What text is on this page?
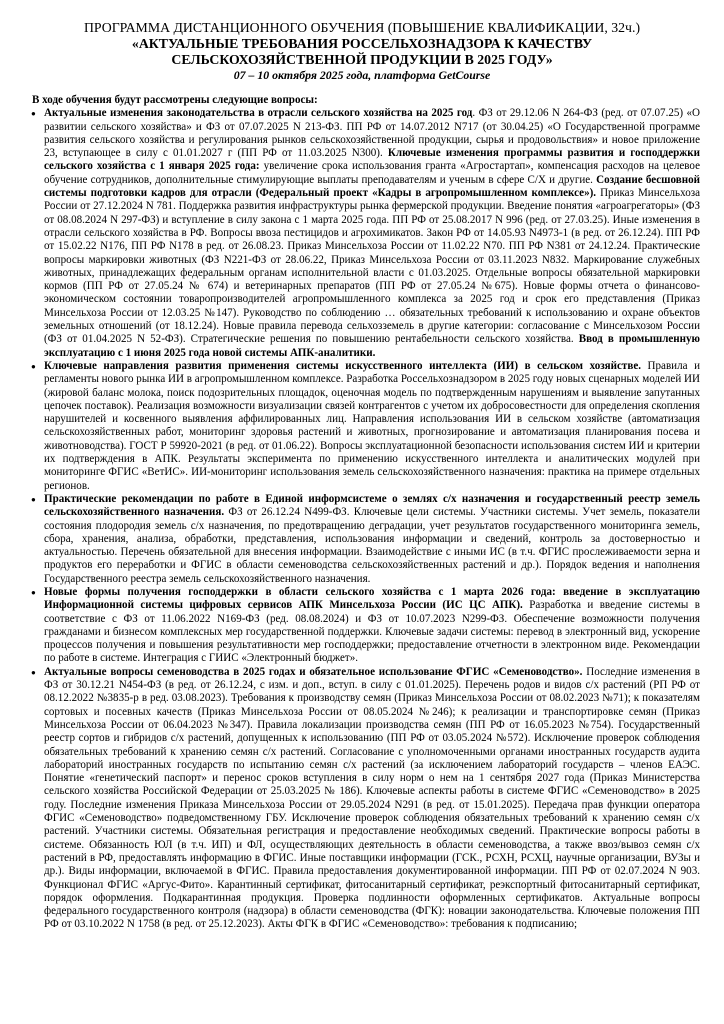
ПРОГРАММА ДИСТАНЦИОННОГО ОБУЧЕНИЯ (ПОВЫШЕНИЕ КВАЛИФИКАЦИИ, 32ч.)
«АКТУАЛЬНЫЕ ТРЕБОВАНИЯ РОССЕЛЬХОЗНАДЗОРА К КАЧЕСТВУ
СЕЛЬСКОХОЗЯЙСТВЕННОЙ ПРОДУКЦИИ В 2025 ГОДУ»
07 – 10 октября 2025 года, платформа GetCourse
В ходе обучения будут рассмотрены следующие вопросы:
● Актуальные изменения законодательства в отрасли сельского хозяйства на 2025 год. ФЗ от 29.12.06 N 264-ФЗ (ред. от 07.07.25) «О развитии сельского хозяйства» и ФЗ от 07.07.2025 N 213-ФЗ. ПП РФ от 14.07.2012 N717 (от 30.04.25) «О Государственной программе развития сельского хозяйства и регулирования рынков сельскохозяйственной продукции, сырья и продовольствия» и новое приложение 23, вступающее в силу с 01.01.2027 г (ПП РФ от 11.03.2025 N300). Ключевые изменения программы развития и господдержки сельского хозяйства с 1 января 2025 года: увеличение срока использования гранта «Агростартап», компенсация расходов на целевое обучение сотрудников, дополнительные стимулирующие выплаты преподавателям и ученым в сфере С/Х и другие. Создание бесшовной системы подготовки кадров для отрасли (Федеральный проект «Кадры в агропромышленном комплексе»). Приказ Минсельхоза России от 27.12.2024 N 781. Поддержка развития инфраструктуры рынка фермерской продукции. Введение понятия «агроагрегаторы» (ФЗ от 08.08.2024 N 297-ФЗ) и вступление в силу закона с 1 марта 2025 года. ПП РФ от 25.08.2017 N 996 (ред. от 27.03.25). Иные изменения в отрасли сельского хозяйства в РФ. Вопросы ввоза пестицидов и агрохимикатов. Закон РФ от 14.05.93 N4973-1 (в ред. от 26.12.24). ПП РФ от 15.02.22 N176, ПП РФ N178 в ред. от 26.08.23. Приказ Минсельхоза России от 11.02.22 N70. ПП РФ N381 от 24.12.24. Практические вопросы маркировки животных (ФЗ N221-ФЗ от 28.06.22, Приказ Минсельхоза России от 03.11.2023 N832. Маркирование служебных животных, принадлежащих федеральным органам исполнительной власти с 01.03.2025. Отдельные вопросы обязательной маркировки кормов (ПП РФ от 27.05.24 № 674) и ветеринарных препаратов (ПП РФ от 27.05.24 №675). Новые формы отчета о финансово-экономическом состоянии товаропроизводителей агропромышленного комплекса за 2025 год и срок его представления (Приказ Минсельхоза России от 12.03.25 №147). Руководство по соблюдению … обязательных требований к использованию и охране объектов земельных отношений (от 18.12.24). Новые правила перевода сельхозземель в другие категории: согласование с Минсельхозом России (ФЗ от 01.04.2025 N 52-ФЗ). Стратегические решения по повышению рентабельности сельского хозяйства. Ввод в промышленную эксплуатацию с 1 июня 2025 года новой системы АПК-аналитики.
● Ключевые направления развития применения системы искусственного интеллекта (ИИ) в сельском хозяйстве. Правила и регламенты нового рынка ИИ в агропромышленном комплексе. Разработка Россельхознадзором в 2025 году новых сценарных моделей ИИ (жировой баланс молока, поиск подозрительных площадок, оценочная модель по подтвержденным нарушениям и выявление запутанных цепочек поставок). Реализация возможности визуализации связей контрагентов с учетом их добросовестности для определения скопления нарушителей и косвенного выявления аффилированных лиц. Направления использования ИИ в сельском хозяйстве (автоматизация сельскохозяйственных работ, мониторинг здоровья растений и животных, прогнозирование и автоматизация планирования посева и животноводства). ГОСТ Р 59920-2021 (в ред. от 01.06.22). Вопросы эксплуатационной безопасности использования систем ИИ и критерии их подтверждения в АПК. Результаты эксперимента по применению искусственного интеллекта и аналитических модулей при мониторинге ФГИС «ВетИС». ИИ-мониторинг использования земель сельскохозяйственного назначения: практика на примере отдельных регионов.
● Практические рекомендации по работе в Единой информсистеме о землях с/х назначения и государственный реестр земель сельскохозяйственного назначения. ФЗ от 26.12.24 N499-ФЗ. Ключевые цели системы. Участники системы. Учет земель, показатели состояния плодородия земель с/х назначения, по предотвращению деградации, учет результатов государственного мониторинга земель, сбора, хранения, анализа, обработки, представления, использования информации и сведений, контроль за достоверностью и актуальностью. Перечень обязательной для внесения информации. Взаимодействие с иными ИС (в т.ч. ФГИС прослеживаемости зерна и продуктов его переработки и ФГИС в области семеноводства сельскохозяйственных растений и др.). Порядок ведения и наполнения Государственного реестра земель сельскохозяйственного назначения.
● Новые формы получения господдержки в области сельского хозяйства с 1 марта 2026 года: введение в эксплуатацию Информационной системы цифровых сервисов АПК Минсельхоза России (ИС ЦС АПК). Разработка и введение системы в соответствие с ФЗ от 11.06.2022 N169-ФЗ (ред. 08.08.2024) и ФЗ от 10.07.2023 N299-ФЗ. Обеспечение возможности получения гражданами и бизнесом комплексных мер государственной поддержки. Ключевые задачи системы: перевод в электронный вид, ускорение процессов получения и повышения результативности мер господдержки; предоставление отчетности в электронном виде. Рекомендации по работе в системе. Интеграция с ГИИС «Электронный бюджет».
● Актуальные вопросы семеноводства в 2025 годах и обязательное использование ФГИС «Семеноводство». Последние изменения в ФЗ от 30.12.21 N454-ФЗ (в ред. от 26.12.24, с изм. и доп., вступ. в силу с 01.01.2025). Перечень родов и видов с/х растений (РП РФ от 08.12.2022 №3835-р в ред. 03.08.2023). Требования к производству семян (Приказ Минсельхоза России от 08.02.2023 №71); к показателям сортовых и посевных качеств (Приказ Минсельхоза России от 08.05.2024 №246); к реализации и транспортировке семян (Приказ Минсельхоза России от 06.04.2023 №347). Правила локализации производства семян (ПП РФ от 16.05.2023 №754). Государственный реестр сортов и гибридов с/х растений, допущенных к использованию (ПП РФ от 03.05.2024 №572). Исключение проверок соблюдения обязательных требований к хранению семян с/х растений. Согласование с уполномоченными органами иностранных государств аудита лабораторий иностранных государств по испытанию семян с/х растений (за исключением лабораторий государств – членов ЕАЭС. Понятие «генетический паспорт» и перенос сроков вступления в силу норм о нем на 1 сентября 2027 года (Приказ Министерства сельского хозяйства Российской Федерации от 25.03.2025 № 186). Ключевые аспекты работы в системе ФГИС «Семеноводство» в 2025 году. Последние изменения Приказа Минсельхоза России от 29.05.2024 N291 (в ред. от 15.01.2025). Передача прав функции оператора ФГИС «Семеноводство» подведомственному ГБУ. Исключение проверок соблюдения обязательных требований к хранению семян с/х растений. Участники системы. Обязательная регистрация и предоставление необходимых сведений. Практические вопросы работы в системе. Обязанность ЮЛ (в т.ч. ИП) и ФЛ, осуществляющих деятельность в области семеноводства, а также ввоз/вывоз семян с/х растений в РФ, предоставлять информацию в ФГИС. Иные поставщики информации (ГСК., РСХН, РСХЦ, научные организации, ВУЗы и др.). Виды информации, включаемой в ФГИС. Правила предоставления документированной информации. ПП РФ от 02.07.2024 N 903. Функционал ФГИС «Аргус-Фито». Карантинный сертификат, фитосанитарный сертификат, реэкспортный фитосанитарный сертификат, порядок оформления. Подкарантинная продукция. Проверка подлинности оформленных сертификатов. Актуальные вопросы федерального государственного контроля (надзора) в области семеноводства (ФГК): новации законодательства. Ключевые положения ПП РФ от 03.10.2022 N 1758 (в ред. от 25.12.2023). Акты ФГК в ФГИС «Семеноводство»: требования к подписанию;
